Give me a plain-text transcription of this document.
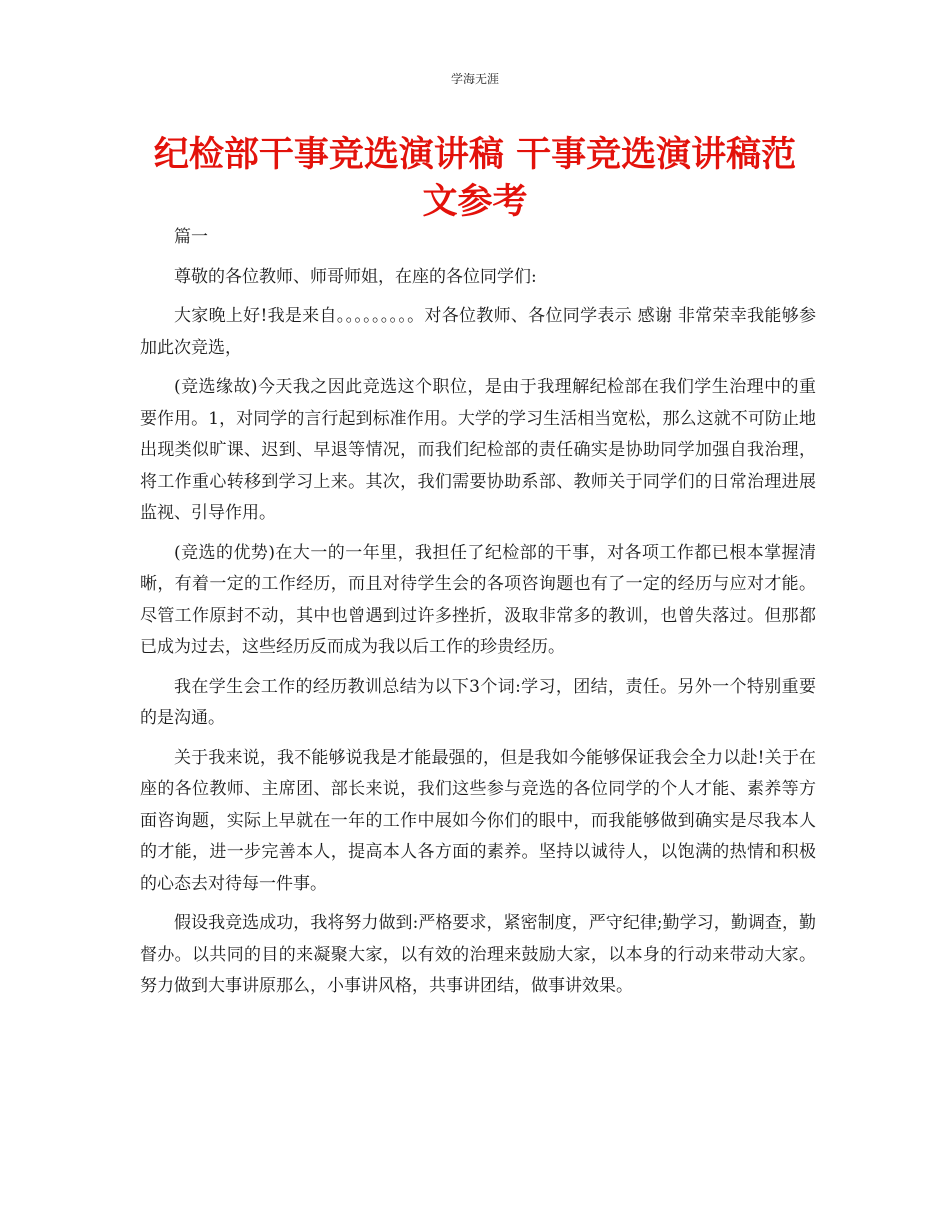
学海无涯
纪检部干事竞选演讲稿 干事竞选演讲稿范
文参考

篇一

尊敬的各位教师、师哥师姐，在座的各位同学们:

大家晚上好!我是来自。。。。。。。。。对各位教师、各位同学表示 感谢 非常荣幸我能够参加此次竞选，

(竞选缘故)今天我之因此竞选这个职位，是由于我理解纪检部在我们学生治理中的重要作用。1，对同学的言行起到标准作用。大学的学习生活相当宽松，那么这就不可防止地出现类似旷课、迟到、早退等情况，而我们纪检部的责任确实是协助同学加强自我治理，将工作重心转移到学习上来。其次，我们需要协助系部、教师关于同学们的日常治理进展监视、引导作用。

(竞选的优势)在大一的一年里，我担任了纪检部的干事，对各项工作都已根本掌握清晰，有着一定的工作经历，而且对待学生会的各项咨询题也有了一定的经历与应对才能。尽管工作原封不动，其中也曾遇到过许多挫折，汲取非常多的教训，也曾失落过。但那都已成为过去，这些经历反而成为我以后工作的珍贵经历。

我在学生会工作的经历教训总结为以下3个词:学习，团结，责任。另外一个特别重要的是沟通。

关于我来说，我不能够说我是才能最强的，但是我如今能够保证我会全力以赴!关于在座的各位教师、主席团、部长来说，我们这些参与竞选的各位同学的个人才能、素养等方面咨询题，实际上早就在一年的工作中展如今你们的眼中，而我能够做到确实是尽我本人的才能，进一步完善本人，提高本人各方面的素养。坚持以诚待人，以饱满的热情和积极的心态去对待每一件事。

假设我竞选成功，我将努力做到:严格要求，紧密制度，严守纪律;勤学习，勤调查，勤督办。以共同的目的来凝聚大家，以有效的治理来鼓励大家，以本身的行动来带动大家。努力做到大事讲原那么，小事讲风格，共事讲团结，做事讲效果。
